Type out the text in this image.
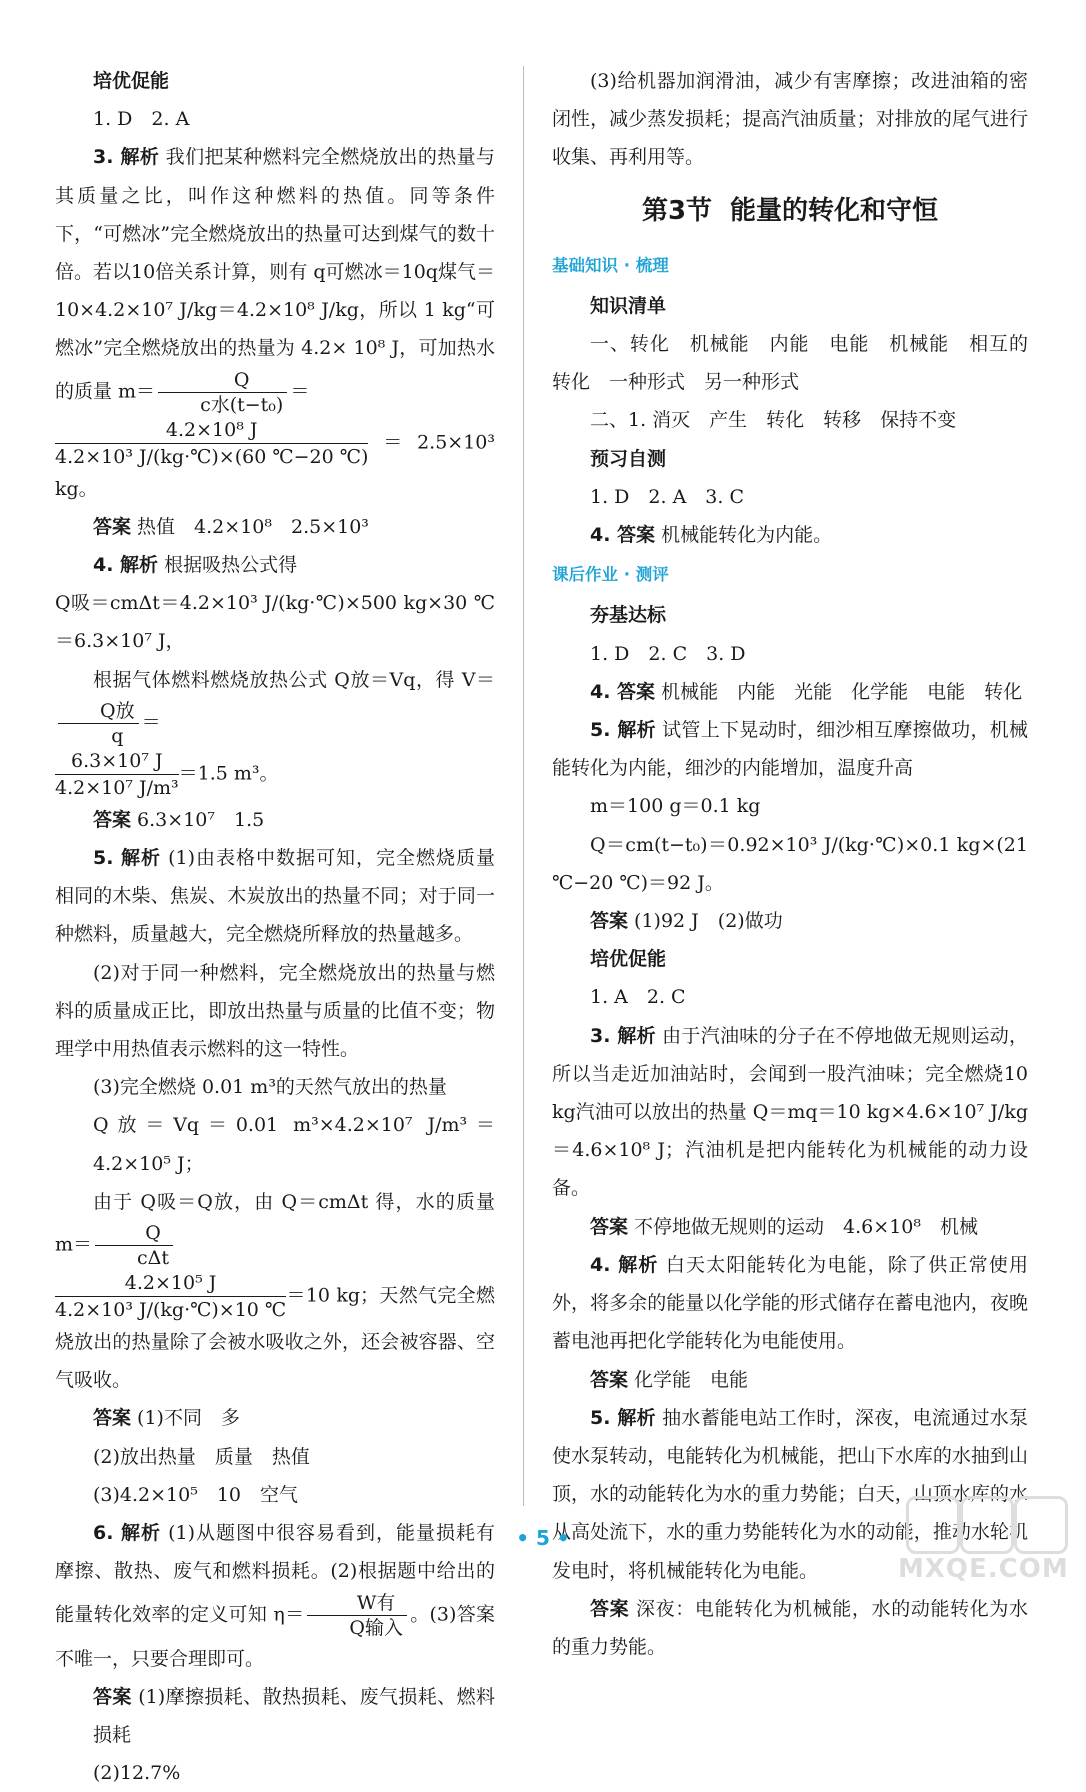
培优促能
1. D　2. A

3. 解析 我们把某种燃料完全燃烧放出的热量与其质量之比，叫作这种燃料的热值。同等条件下，“可燃冰”完全燃烧放出的热量可达到煤气的数十倍。若以10倍关系计算，则有 q可燃冰＝10q煤气＝10×4.2×10⁷ J/kg＝4.2×10⁸ J/kg，所以 1 kg“可燃冰”完全燃烧放出的热量为 4.2× 10⁸ J，可加热水的质量 $m= \frac{Q}{\text{c水(t−t₀)}}$ ＝

$\frac{\text{4.2×10⁸ J}}{\text{4.2×10³ J/(kg·℃)×(60 ℃−20 ℃)}}=2.5\times 10^3$ kg。

答案 热值　4.2×10⁸　2.5×10³

4. 解析 根据吸热公式得

Q吸＝cmΔt＝4.2×10³ J/(kg·℃)×500 kg×30 ℃＝6.3×10⁷ J，

根据气体燃料燃烧放热公式 Q放＝Vq，得 V＝
$\frac{\text{Q放}}{q}$ ＝

$\frac{\text{6.3×10⁷ J}}{\text{4.2×10⁷ J/m³}}=1.5$ m³。

答案 6.3×10⁷　1.5

5. 解析 (1)由表格中数据可知，完全燃烧质量相同的木柴、焦炭、木炭放出的热量不同；对于同一种燃料，质量越大，完全燃烧所释放的热量越多。

(2)对于同一种燃料，完全燃烧放出的热量与燃料的质量成正比，即放出热量与质量的比值不变；物理学中用热值表示燃料的这一特性。

(3)完全燃烧 0.01 m³的天然气放出的热量

Q放＝Vq＝0.01 m³×4.2×10⁷ J/m³＝4.2×10⁵ J；

由于 Q吸＝Q放，由 Q＝cmΔt 得，水的质量 $m= \frac{Q}{\text{cΔt}}$

$\frac{\text{4.2×10⁵ J}}{\text{4.2×10³ J/(kg·℃)×10 ℃}}=10$ kg；天然气完全燃烧放出的热量除了会被水吸收之外，还会被容器、空气吸收。

答案 (1)不同　多

(2)放出热量　质量　热值

(3)4.2×10⁵　10　空气

6. 解析 (1)从题图中很容易看到，能量损耗有摩擦、散热、废气和燃料损耗。(2)根据题中给出的能量转化效率的定义可知 $\eta= \frac{\text{W有}}{\text{Q输入}}$ 。(3)答案不唯一，只要合理即可。

答案 (1)摩擦损耗、散热损耗、废气损耗、燃料损耗

(2)12.7%

(3)给机器加润滑油，减少有害摩擦；改进油箱的密闭性，减少蒸发损耗；提高汽油质量；对排放的尾气进行收集、再利用等。

第3节 能量的转化和守恒
基础知识 · 梳理
知识清单

一、转化　机械能　内能　电能　机械能　相互的　转化　一种形式　另一种形式

二、1. 消灭　产生　转化　转移　保持不变

预习自测
1. D　2. A　3. C

4. 答案 机械能转化为内能。

课后作业 · 测评
夯基达标
1. D　2. C　3. D

4. 答案 机械能　内能　光能　化学能　电能　转化

5. 解析 试管上下晃动时，细沙相互摩擦做功，机械能转化为内能，细沙的内能增加，温度升高

m＝100 g＝0.1 kg

Q＝cm(t−t₀)＝0.92×10³ J/(kg·℃)×0.1 kg×(21 ℃−20 ℃)＝92 J。

答案 (1)92 J　(2)做功

培优促能
1. A　2. C

3. 解析 由于汽油味的分子在不停地做无规则运动，所以当走近加油站时，会闻到一股汽油味；完全燃烧10 kg汽油可以放出的热量 Q＝mq＝10 kg×4.6×10⁷ J/kg＝4.6×10⁸ J；汽油机是把内能转化为机械能的动力设备。

答案 不停地做无规则的运动　4.6×10⁸　机械

4. 解析 白天太阳能转化为电能，除了供正常使用外，将多余的能量以化学能的形式储存在蓄电池内，夜晚蓄电池再把化学能转化为电能使用。

答案 化学能　电能

5. 解析 抽水蓄能电站工作时，深夜，电流通过水泵使水泵转动，电能转化为机械能，把山下水库的水抽到山顶，水的动能转化为水的重力势能；白天，山顶水库的水从高处流下，水的重力势能转化为水的动能，推动水轮机发电时，将机械能转化为电能。

答案 深夜：电能转化为机械能，水的动能转化为水的重力势能。

• 5 •
MXQE.COM
